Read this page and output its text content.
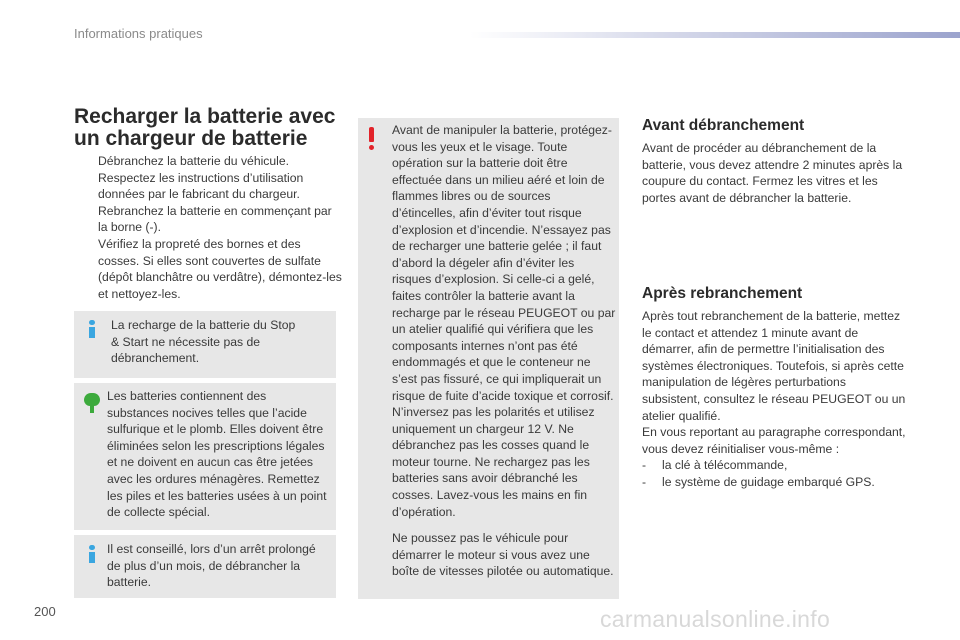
Informations pratiques
Recharger la batterie avec un chargeur de batterie
Débranchez la batterie du véhicule.
Respectez les instructions d’utilisation données par le fabricant du chargeur.
Rebranchez la batterie en commençant par la borne (-).
Vérifiez la propreté des bornes et des cosses. Si elles sont couvertes de sulfate (dépôt blanchâtre ou verdâtre), démontez-les et nettoyez-les.
La recharge de la batterie du Stop & Start ne nécessite pas de débranchement.
Les batteries contiennent des substances nocives telles que l’acide sulfurique et le plomb. Elles doivent être éliminées selon les prescriptions légales et ne doivent en aucun cas être jetées avec les ordures ménagères. Remettez les piles et les batteries usées à un point de collecte spécial.
Il est conseillé, lors d’un arrêt prolongé de plus d’un mois, de débrancher la batterie.

Avant de manipuler la batterie, protégez-vous les yeux et le visage. Toute opération sur la batterie doit être effectuée dans un milieu aéré et loin de flammes libres ou de sources d’étincelles, afin d’éviter tout risque d’explosion et d’incendie. N’essayez pas de recharger une batterie gelée ; il faut d’abord la dégeler afin d’éviter les risques d’explosion. Si celle-ci a gelé, faites contrôler la batterie avant la recharge par le réseau PEUGEOT ou par un atelier qualifié qui vérifiera que les composants internes n’ont pas été endommagés et que le conteneur ne s’est pas fissuré, ce qui impliquerait un risque de fuite d’acide toxique et corrosif. N’inversez pas les polarités et utilisez uniquement un chargeur 12 V. Ne débranchez pas les cosses quand le moteur tourne. Ne rechargez pas les batteries sans avoir débranché les cosses. Lavez-vous les mains en fin d’opération.

Ne poussez pas le véhicule pour démarrer le moteur si vous avez une boîte de vitesses pilotée ou automatique.

Avant débranchement
Avant de procéder au débranchement de la batterie, vous devez attendre 2 minutes après la coupure du contact. Fermez les vitres et les portes avant de débrancher la batterie.
Après rebranchement

Après tout rebranchement de la batterie, mettez le contact et attendez 1 minute avant de démarrer, afin de permettre l’initialisation des systèmes électroniques. Toutefois, si après cette manipulation de légères perturbations subsistent, consultez le réseau PEUGEOT ou un atelier qualifié.

En vous reportant au paragraphe correspondant, vous devez réinitialiser vous-même :

- la clé à télécommande,
- le système de guidage embarqué GPS.
200	carmanualsonline.info
